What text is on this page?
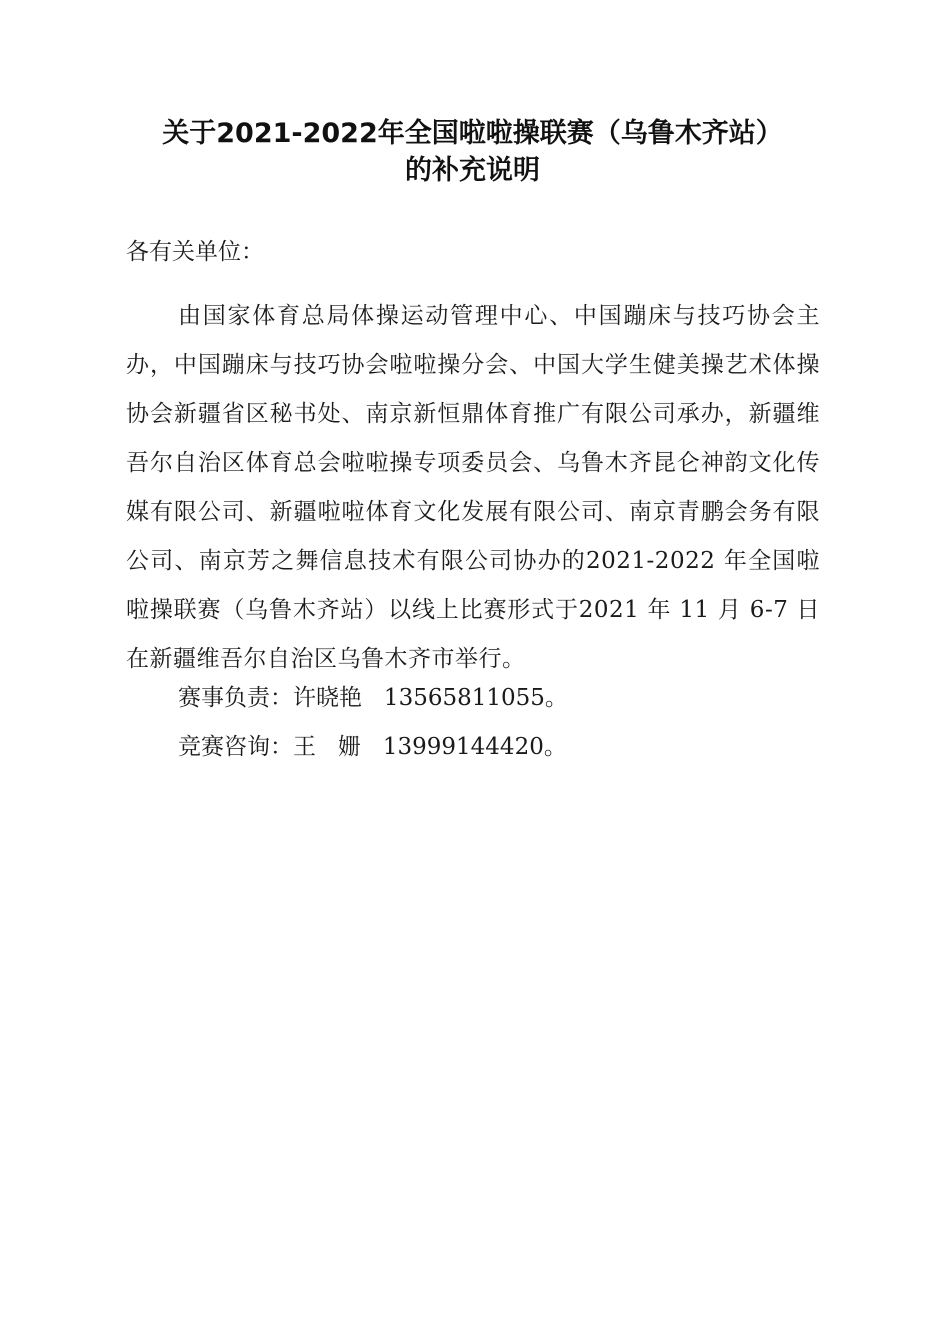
关于2021-2022年全国啦啦操联赛（乌鲁木齐站）
的补充说明
各有关单位：
由国家体育总局体操运动管理中心、中国蹦床与技巧协会主办，中国蹦床与技巧协会啦啦操分会、中国大学生健美操艺术体操协会新疆省区秘书处、南京新恒鼎体育推广有限公司承办，新疆维吾尔自治区体育总会啦啦操专项委员会、乌鲁木齐昆仑神韵文化传媒有限公司、新疆啦啦体育文化发展有限公司、南京青鹏会务有限公司、南京芳之舞信息技术有限公司协办的2021-2022 年全国啦啦操联赛（乌鲁木齐站）以线上比赛形式于2021 年 11 月 6-7 日在新疆维吾尔自治区乌鲁木齐市举行。
赛事负责：许晓艳   13565811055。
竞赛咨询：王   姗   13999144420。
